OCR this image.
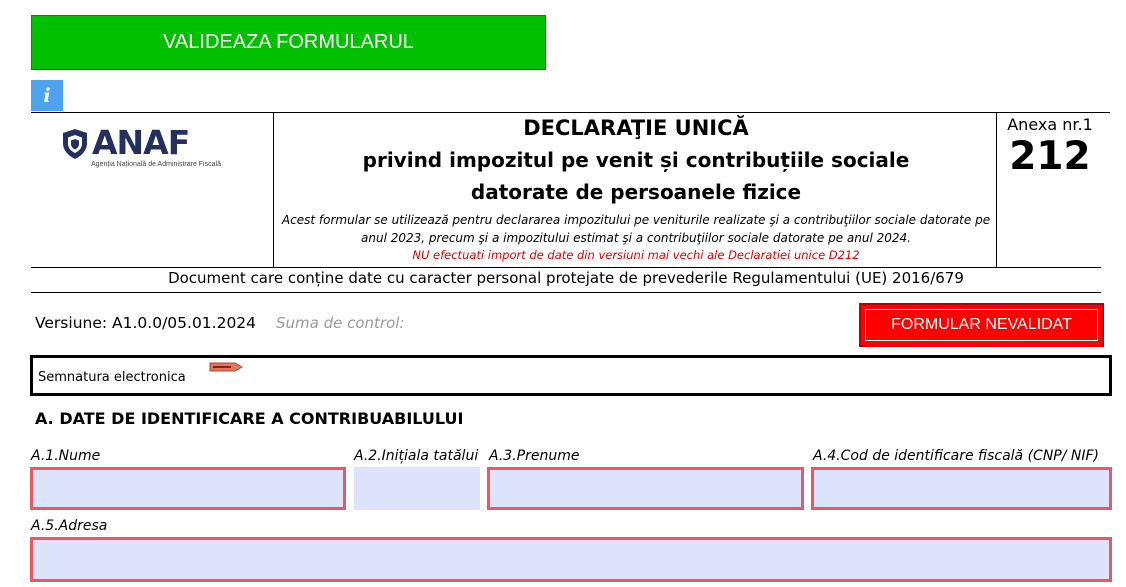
VALIDEAZA FORMULARUL
i
ANAF
Agenția Națională de Administrare Fiscală
DECLARAŢIE UNICĂ
privind impozitul pe venit și contribuțiile sociale
datorate de persoanele fizice
Acest formular se utilizează pentru declararea impozitului pe veniturile realizate şi a contribuţiilor sociale datorate pe anul 2023, precum şi a impozitului estimat şi a contribuţiilor sociale datorate pe anul 2024.
NU efectuati import de date din versiuni mai vechi ale Declaratiei unice D212
Anexa nr.1
212
Document care conține date cu caracter personal protejate de prevederile Regulamentului (UE) 2016/679
Versiune: A1.0.0/05.01.2024 Suma de control:	FORMULAR NEVALIDAT
Semnatura electronica
A. DATE DE IDENTIFICARE A CONTRIBUABILULUI
A.1.Nume	A.2.Inițiala tatălui A.3.Prenume	A.4.Cod de identificare fiscală (CNP/ NIF)
A.5.Adresa
